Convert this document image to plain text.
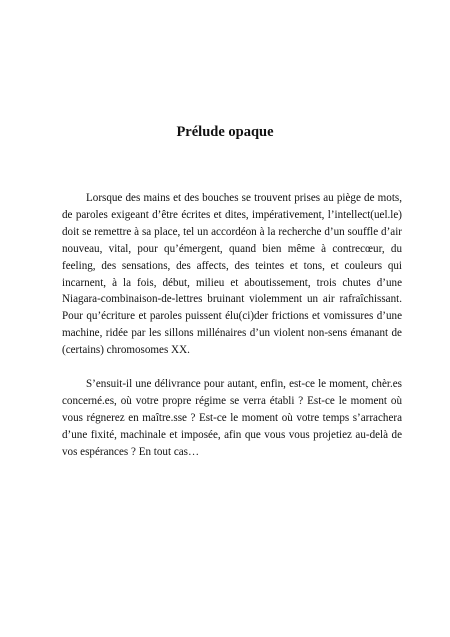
Prélude opaque

Lorsque des mains et des bouches se trouvent prises au piège de mots, de paroles exigeant d’être écrites et dites, impérativement, l’intellect(uel.le) doit se remettre à sa place, tel un accordéon à la recherche d’un souffle d’air nouveau, vital, pour qu’émergent, quand bien même à contrecœur, du feeling, des sensations, des affects, des teintes et tons, et couleurs qui incarnent, à la fois, début, milieu et aboutissement, trois chutes d’une Niagara-combinaison-de-lettres bruinant violemment un air rafraîchissant. Pour qu’écriture et paroles puissent élu(ci)der frictions et vomissures d’une machine, ridée par les sillons millénaires d’un violent non-sens émanant de (certains) chromosomes XX.

S’ensuit-il une délivrance pour autant, enfin, est-ce le moment, chèr.es concerné.es, où votre propre régime se verra établi ? Est-ce le moment où vous régnerez en maître.sse ? Est-ce le moment où votre temps s’arrachera d’une fixité, machinale et imposée, afin que vous vous projetiez au-delà de vos espérances ? En tout cas…
